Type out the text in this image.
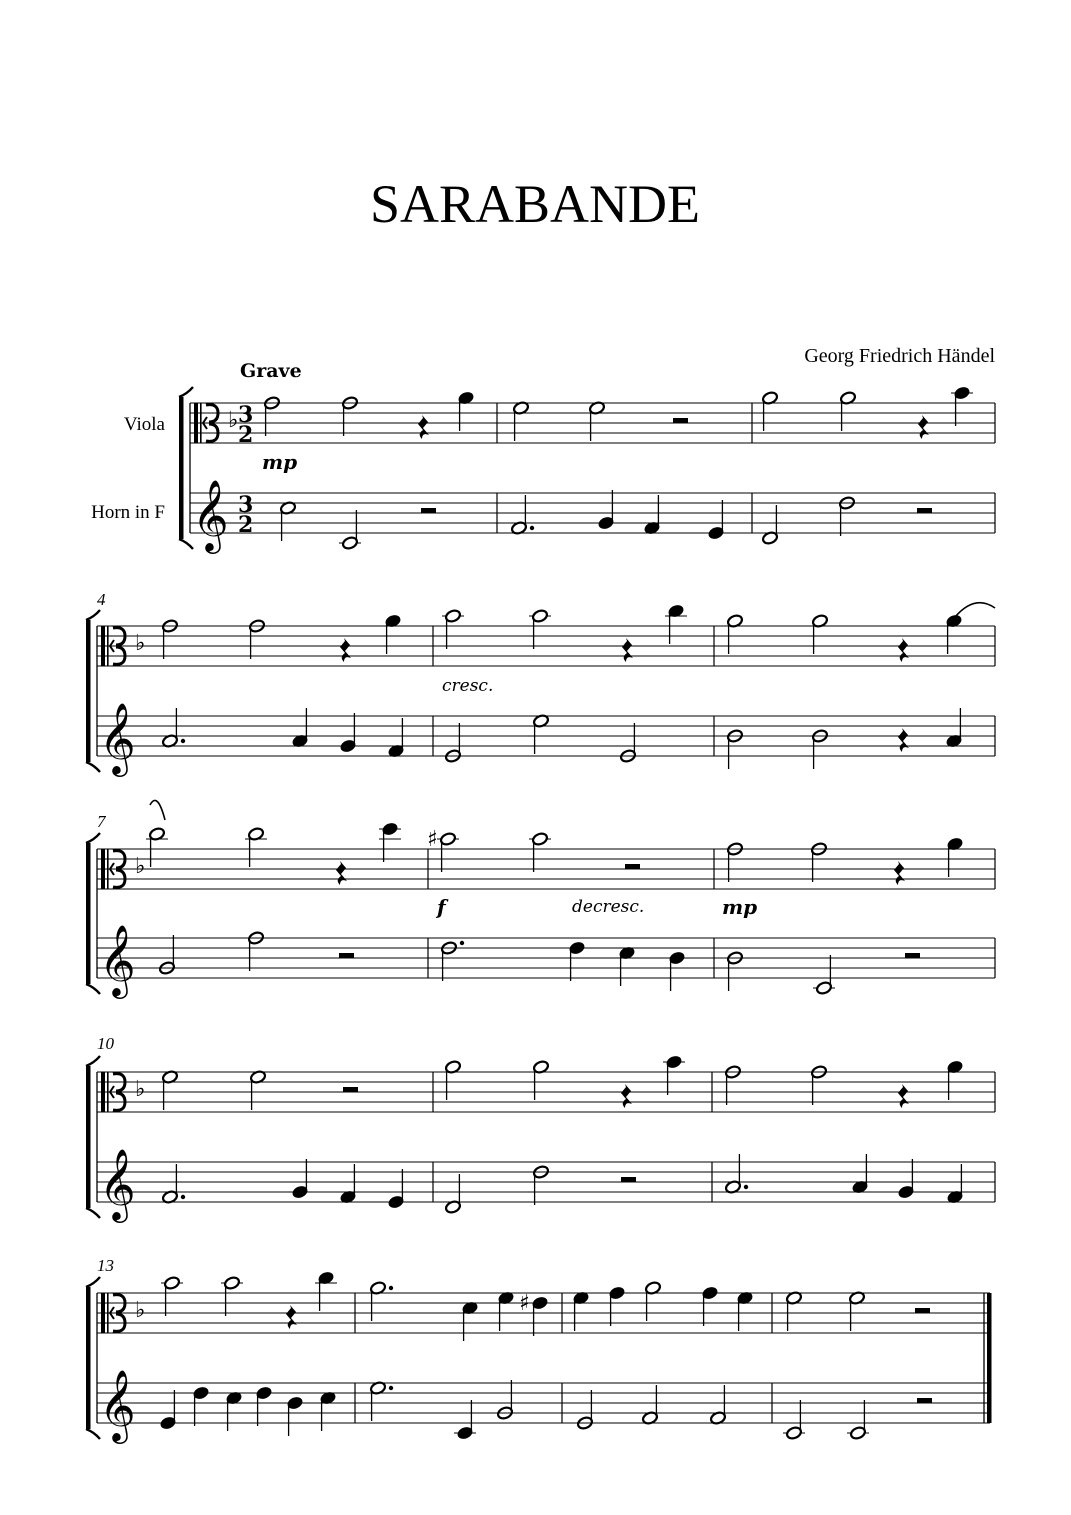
SARABANDE
Georg Friedrich Händel
Grave
Viola
Horn in F
4
7
10
13
mp
cresc.
f	decresc.	mp
𝄞
♭ 3
2
3
2
𝄞
♭
𝄞
♭
♯
𝄞
♭
𝄞
♭	♯
